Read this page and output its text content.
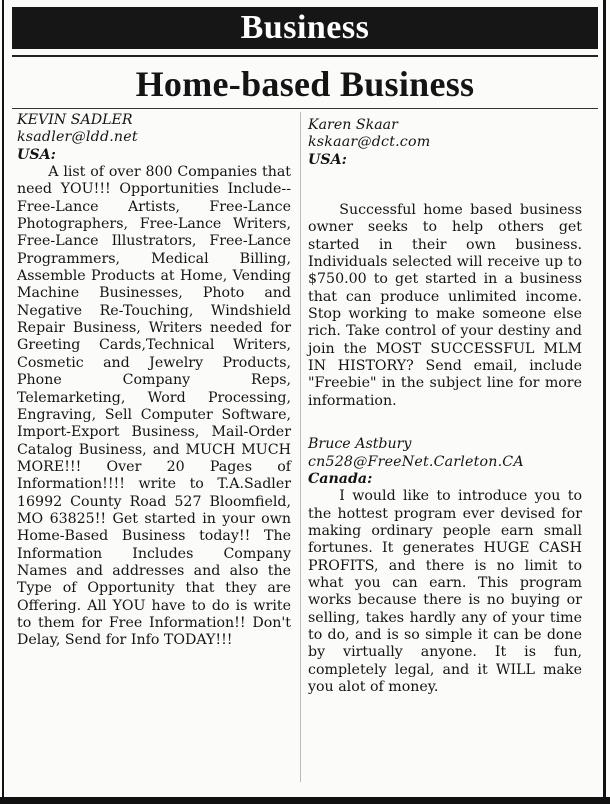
Business
Home-based Business
KEVIN SADLER
ksadler@ldd.net
USA:

A list of over 800 Companies that need YOU!!! Opportunities Include--Free-Lance Artists, Free-Lance Photographers, Free-Lance Writers, Free-Lance Illustrators, Free-Lance Programmers, Medical Billing, Assemble Products at Home, Vending Machine Businesses, Photo and Negative Re-Touching, Windshield Repair Business, Writers needed for Greeting Cards,Technical Writers, Cosmetic and Jewelry Products, Phone Company Reps, Telemarketing, Word Processing, Engraving, Sell Computer Software, Import-Export Business, Mail-Order Catalog Business, and MUCH MUCH MORE!!! Over 20 Pages of Information!!!! write to T.A.Sadler 16992 County Road 527 Bloomfield, MO 63825!! Get started in your own Home-Based Business today!! The Information Includes Company Names and addresses and also the Type of Opportunity that they are Offering. All YOU have to do is write to them for Free Information!! Don't Delay, Send for Info TODAY!!!

Karen Skaar
kskaar@dct.com
USA:

Successful home based business owner seeks to help others get started in their own business. Individuals selected will receive up to $750.00 to get started in a business that can produce unlimited income. Stop working to make someone else rich. Take control of your destiny and join the MOST SUCCESSFUL MLM IN HISTORY? Send email, include "Freebie" in the subject line for more information.

Bruce Astbury
cn528@FreeNet.Carleton.CA
Canada:

I would like to introduce you to the hottest program ever devised for making ordinary people earn small fortunes. It generates HUGE CASH PROFITS, and there is no limit to what you can earn. This program works because there is no buying or selling, takes hardly any of your time to do, and is so simple it can be done by virtually anyone. It is fun, completely legal, and it WILL make you alot of money.
